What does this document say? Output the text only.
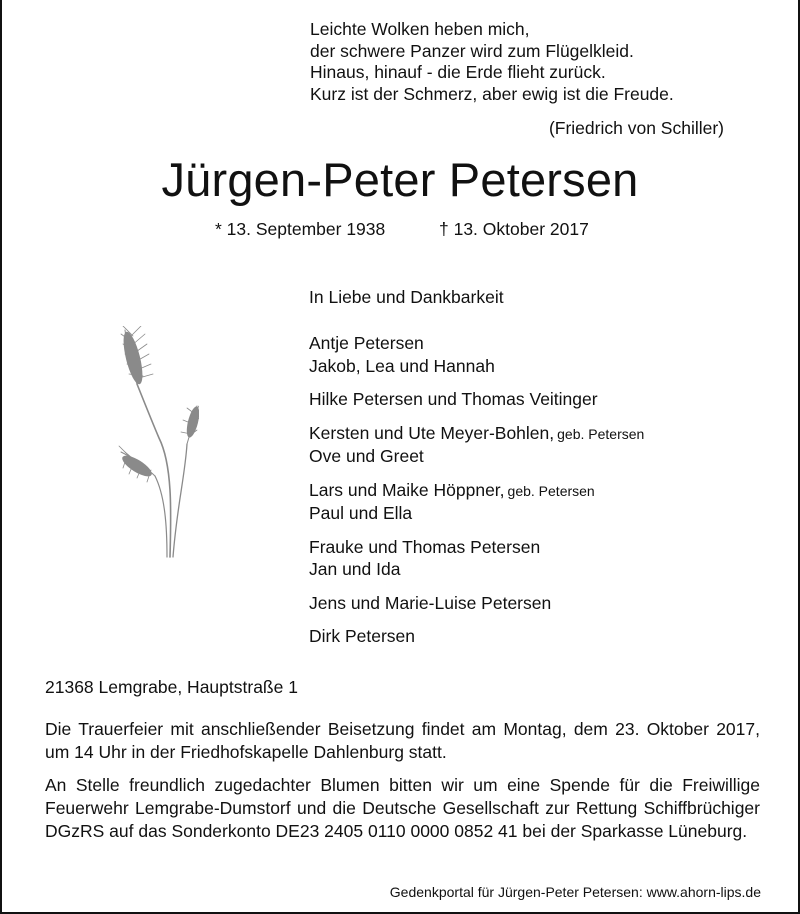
Leichte Wolken heben mich,
der schwere Panzer wird zum Flügelkleid.
Hinaus, hinauf - die Erde flieht zurück.
Kurz ist der Schmerz, aber ewig ist die Freude.
(Friedrich von Schiller)
Jürgen-Peter Petersen
* 13. September 1938	† 13. Oktober 2017
In Liebe und Dankbarkeit
Antje Petersen
Jakob, Lea und Hannah
Hilke Petersen und Thomas Veitinger
Kersten und Ute Meyer-Bohlen, geb. Petersen
Ove und Greet
Lars und Maike Höppner, geb. Petersen
Paul und Ella
Frauke und Thomas Petersen
Jan und Ida
Jens und Marie-Luise Petersen
Dirk Petersen
21368 Lemgrabe, Hauptstraße 1

Die Trauerfeier mit anschließender Beisetzung findet am Montag, dem 23. Oktober 2017, um 14 Uhr in der Friedhofskapelle Dahlenburg statt.

An Stelle freundlich zugedachter Blumen bitten wir um eine Spende für die Freiwillige Feuerwehr Lemgrabe-Dumstorf und die Deutsche Gesellschaft zur Rettung Schiffbrüchiger DGzRS auf das Sonderkonto DE23 2405 0110 0000 0852 41 bei der Sparkasse Lüneburg.

Gedenkportal für Jürgen-Peter Petersen: www.ahorn-lips.de
